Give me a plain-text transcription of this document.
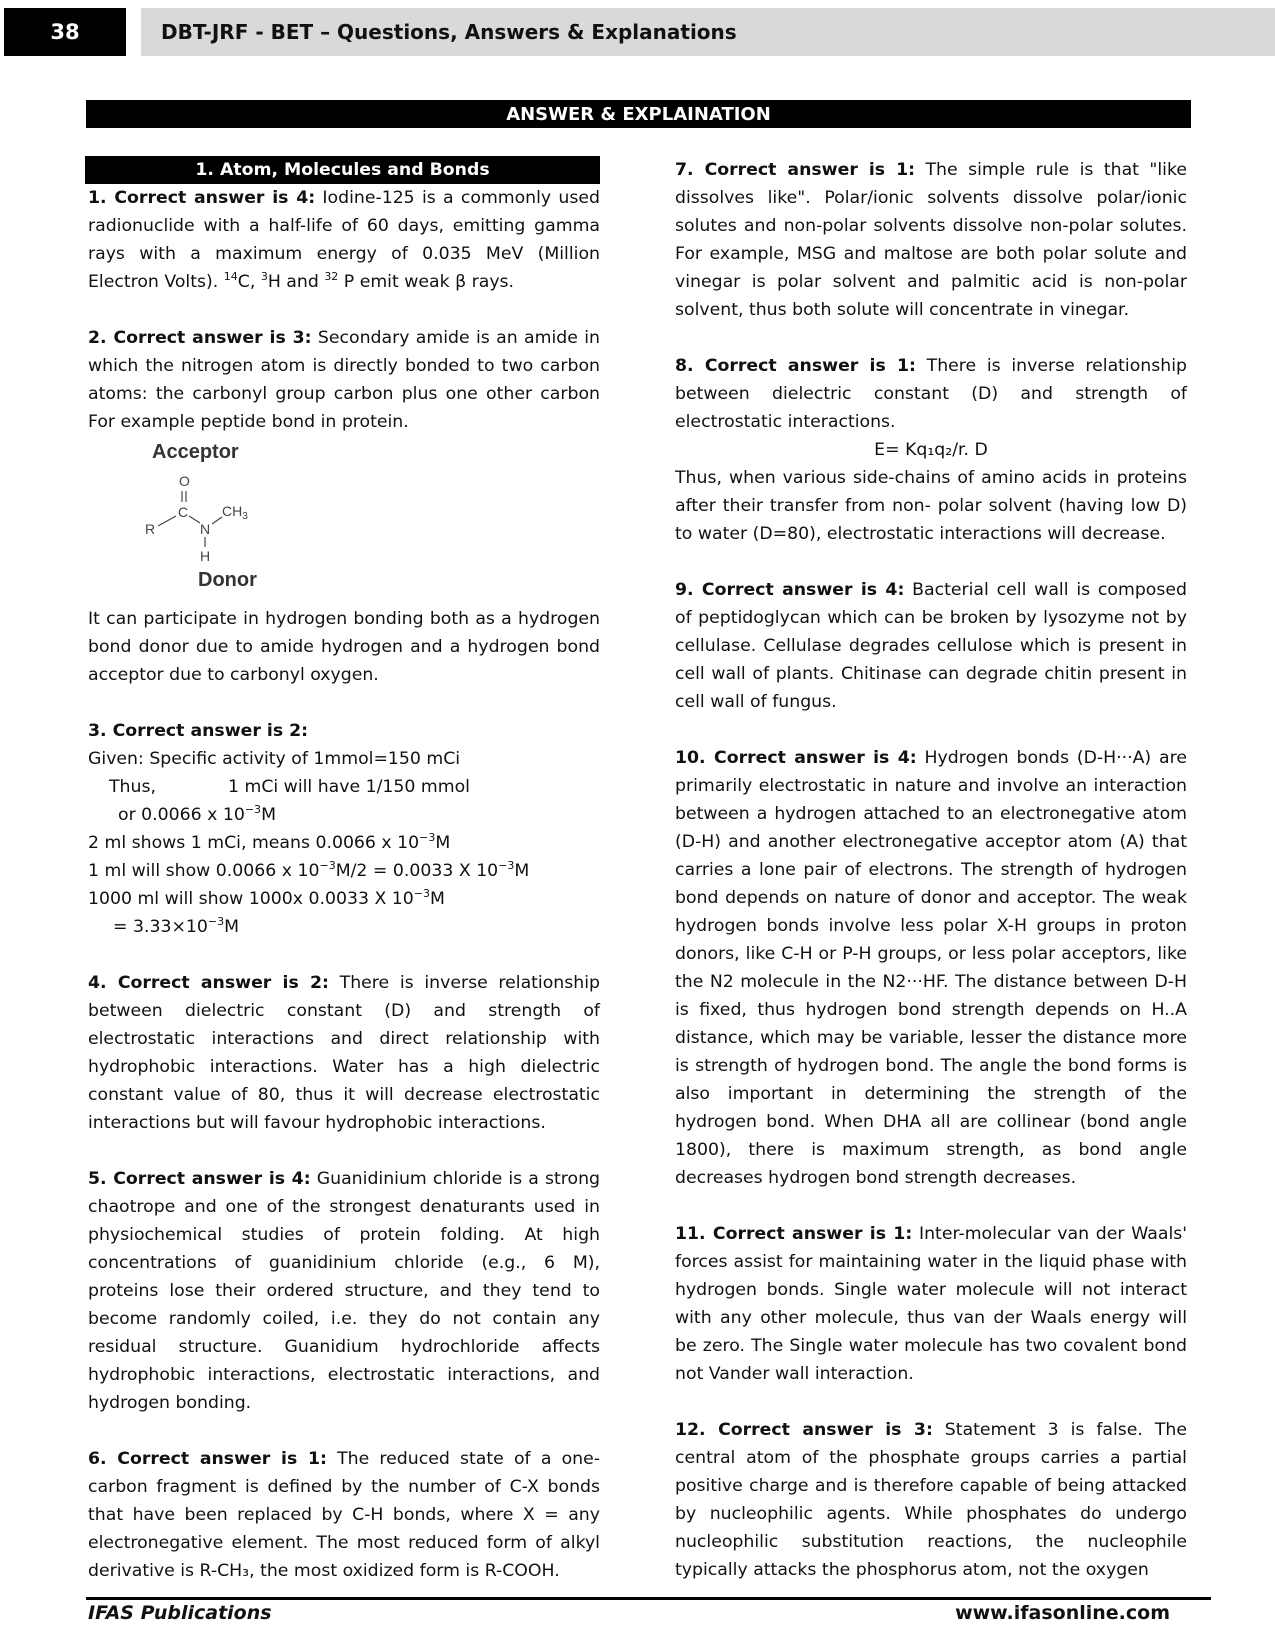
38	DBT-JRF - BET – Questions, Answers & Explanations
ANSWER & EXPLAINATION
1. Atom, Molecules and Bonds

1. Correct answer is 4: Iodine-125 is a commonly used radionuclide with a half-life of 60 days, emitting gamma rays with a maximum energy of 0.035 MeV (Million Electron Volts). $^{14}$C, $^3$H and $^{32}$ P emit weak β rays.

2. Correct answer is 3: Secondary amide is an amide in which the nitrogen atom is directly bonded to two carbon atoms: the carbonyl group carbon plus one other carbon For example peptide bond in protein.

Acceptor
O
C
R	N
$CH_3$
H
Donor

It can participate in hydrogen bonding both as a hydrogen bond donor due to amide hydrogen and a hydrogen bond acceptor due to carbonyl oxygen.

3. Correct answer is 2:
Given: Specific activity of 1mmol=150 mCi
Thus,	1 mCi will have 1/150 mmol
or 0.0066 x $10^{-3}M$
2 ml shows 1 mCi, means 0.0066 x $10^{-3}M$
1 ml will show 0.0066 x $10^{-3}M/2 = 0.0033$ X $10^{-3}M$
1000 ml will show 1000x 0.0033 X $10^{-3}M$
= $3.33\times 10^{-3}M$

4. Correct answer is 2: There is inverse relationship between dielectric constant (D) and strength of electrostatic interactions and direct relationship with hydrophobic interactions. Water has a high dielectric constant value of 80, thus it will decrease electrostatic interactions but will favour hydrophobic interactions.

5. Correct answer is 4: Guanidinium chloride is a strong chaotrope and one of the strongest denaturants used in physiochemical studies of protein folding. At high concentrations of guanidinium chloride (e.g., 6 M), proteins lose their ordered structure, and they tend to become randomly coiled, i.e. they do not contain any residual structure. Guanidium hydrochloride affects hydrophobic interactions, electrostatic interactions, and hydrogen bonding.

6. Correct answer is 1: The reduced state of a one-carbon fragment is defined by the number of C-X bonds that have been replaced by C-H bonds, where X = any electronegative element. The most reduced form of alkyl derivative is R-CH₃, the most oxidized form is R-COOH.

7. Correct answer is 1: The simple rule is that "like dissolves like". Polar/ionic solvents dissolve polar/ionic solutes and non-polar solvents dissolve non-polar solutes. For example, MSG and maltose are both polar solute and vinegar is polar solvent and palmitic acid is non-polar solvent, thus both solute will concentrate in vinegar.

8. Correct answer is 1: There is inverse relationship between dielectric constant (D) and strength of electrostatic interactions.

E= Kq₁q₂/r. D

Thus, when various side-chains of amino acids in proteins after their transfer from non- polar solvent (having low D) to water (D=80), electrostatic interactions will decrease.

9. Correct answer is 4: Bacterial cell wall is composed of peptidoglycan which can be broken by lysozyme not by cellulase. Cellulase degrades cellulose which is present in cell wall of plants. Chitinase can degrade chitin present in cell wall of fungus.

10. Correct answer is 4: Hydrogen bonds (D-H···A) are primarily electrostatic in nature and involve an interaction between a hydrogen attached to an electronegative atom (D-H) and another electronegative acceptor atom (A) that carries a lone pair of electrons. The strength of hydrogen bond depends on nature of donor and acceptor. The weak hydrogen bonds involve less polar X-H groups in proton donors, like C-H or P-H groups, or less polar acceptors, like the N2 molecule in the N2···HF. The distance between D-H is fixed, thus hydrogen bond strength depends on H..A distance, which may be variable, lesser the distance more is strength of hydrogen bond. The angle the bond forms is also important in determining the strength of the hydrogen bond. When DHA all are collinear (bond angle 1800), there is maximum strength, as bond angle decreases hydrogen bond strength decreases.

11. Correct answer is 1: Inter-molecular van der Waals' forces assist for maintaining water in the liquid phase with hydrogen bonds. Single water molecule will not interact with any other molecule, thus van der Waals energy will be zero. The Single water molecule has two covalent bond not Vander wall interaction.

12. Correct answer is 3: Statement 3 is false. The central atom of the phosphate groups carries a partial positive charge and is therefore capable of being attacked by nucleophilic agents. While phosphates do undergo nucleophilic substitution reactions, the nucleophile typically attacks the phosphorus atom, not the oxygen

IFAS Publications	www.ifasonline.com
